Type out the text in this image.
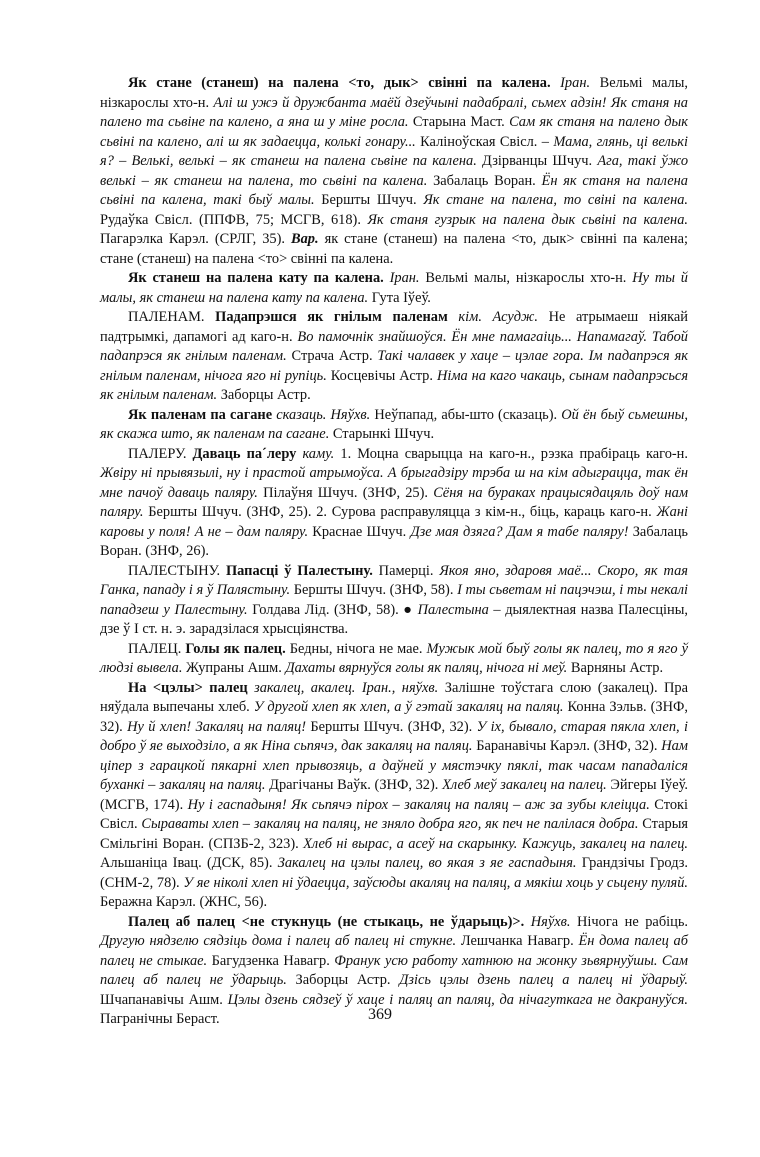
Як стане (станеш) на палена <то, дык> свінні па калена. Іран. Вельмі малы, нізкарослы хто-н. Алі ш ужэ й дружбанта маёй дзеўчыні падабралі, сьмех адзін! Як станя на палено та сьвіне па калено, а яна ш у міне росла. Старына Маст. Сам як станя на палено дык сьвіні па калено, алі ш як задаецца, колькі гонару... Каліноўская Свісл. – Мама, глянь, ці велькі я? – Велькі, велькі – як станеш на палена сьвіне па калена. Дзірванцы Шчуч. Ага, такі ўжо велькі – як станеш на палена, то сьвіні па калена. Забалаць Воран. Ён як станя на палена сьвіні па калена, такі быў малы. Бершты Шчуч. Як стане на палена, то свіні па калена. Рудаўка Свісл. (ППФВ, 75; МСГВ, 618). Як станя гузрык на палена дык сьвіні па калена. Пагарэлка Карэл. (СРЛГ, 35). Вар. як стане (станеш) на палена <то, дык> свінні па калена; стане (станеш) на палена <то> свінні па калена.

Як станеш на палена кату па калена. Іран. Вельмі малы, нізкарослы хто-н. Ну ты й малы, як станеш на палена кату па калена. Гута Іўеў.

ПАЛЕНАМ. Падапрэшся як гнілым паленам кім. Асудж. Не атрымаеш ніякай падтрымкі, дапамогі ад каго-н. Во памочнік знайшоўся. Ён мне памагаіць... Напамагаў. Табой падапрэся як гнілым паленам. Страча Астр. Такі чалавек у хаце – цэлае гора. Ім падапрэся як гнілым паленам, нічога яго ні рупіць. Косцевічы Астр. Німа на каго чакаць, сынам падапрэсься як гнілым паленам. Заборцы Астр.

Як паленам па сагане сказаць. Няўхв. Неўпапад, абы-што (сказаць). Ой ён быў сьмешны, як скажа што, як паленам па сагане. Старынкі Шчуч.

ПАЛЕРУ. Даваць па´леру каму. 1. Моцна сварыцца на каго-н., рэзка прабіраць каго-н. Жвіру ні прывязылі, ну і прастой атрымоўса. А брыгадзіру трэба ш на кім адыграцца, так ён мне пачоў даваць паляру. Пілаўня Шчуч. (ЗНФ, 25). Сёня на бураках працысядацяль доў нам паляру. Бершты Шчуч. (ЗНФ, 25). 2. Сурова расправуляцца з кім-н., біць, караць каго-н. Жані каровы у поля! А не – дам паляру. Краснае Шчуч. Дзе мая дзяга? Дам я табе паляру! Забалаць Воран. (ЗНФ, 26).

ПАЛЕСТЫНУ. Папасці ў Палестыну. Памерці. Якоя яно, здаровя маё... Скоро, як тая Ганка, пападу і я ў Палястыну. Бершты Шчуч. (ЗНФ, 58). І ты сьветам ні пацэчэш, і ты некалі пападзеш у Палестыну. Голдава Лід. (ЗНФ, 58). ● Палестына – дыялектная назва Палесціны, дзе ў I ст. н. э. зарадзілася хрысціянства.

ПАЛЕЦ. Голы як палец. Бедны, нічога не мае. Мужык мой быў голы як палец, то я яго ў людзі вывела. Жупраны Ашм. Дахаты вярнуўся голы як паляц, нічога ні меў. Варняны Астр.

На <цэлы> палец закалец, акалец. Іран., няўхв. Залішне тоўстага слою (закалец). Пра няўдала выпечаны хлеб. У другой хлеп як хлеп, а ў гэтай закаляц на паляц. Конна Зэльв. (ЗНФ, 32). Ну й хлеп! Закаляц на паляц! Бершты Шчуч. (ЗНФ, 32). У іх, бывало, старая пякла хлеп, і добро ў яе выходзіло, а як Ніна сьпячэ, дак закаляц на паляц. Баранавічы Карэл. (ЗНФ, 32). Нам ціпер з гарацкой пякарні хлеп прывозяць, а даўней у мястэчку пяклі, так часам пападаліся буханкі – закаляц на паляц. Драгічаны Ваўк. (ЗНФ, 32). Хлеб меў закалец на палец. Эйгеры Іўеў. (МСГВ, 174). Ну і гаспадыня! Як сьпячэ пірох – закаляц на паляц – аж за зубы клеіцца. Стокі Свісл. Сыраваты хлеп – закаляц на паляц, не зняло добра яго, як печ не палілася добра. Старыя Смільгіні Воран. (СПЗБ-2, 323). Хлеб ні вырас, а асеў на скарынку. Кажуць, закалец на палец. Альшаніца Івац. (ДСК, 85). Закалец на цэлы палец, во якая з яе гаспадыня. Грандзічы Гродз. (СНМ-2, 78). У яе ніколі хлеп ні ўдаецца, заўсюды акаляц на паляц, а мякіш хоць у сьцену пуляй. Беражна Карэл. (ЖНС, 56).

Палец аб палец <не стукнуць (не стыкаць, не ўдарыць)>. Няўхв. Нічога не рабіць. Другую нядзелю сядзіць дома і палец аб палец ні стукне. Лешчанка Навагр. Ён дома палец аб палец не стыкае. Багудзенка Навагр. Франук усю работу хатнюю на жонку зьвярнуўшы. Сам палец аб палец не ўдарыць. Заборцы Астр. Дзісь цэлы дзень палец а палец ні ўдарыў. Шчапанавічы Ашм. Цэлы дзень сядзеў ў хаце і паляц ап паляц, да нічагуткага не дакрануўся. Пагранічны Бераст.	369
